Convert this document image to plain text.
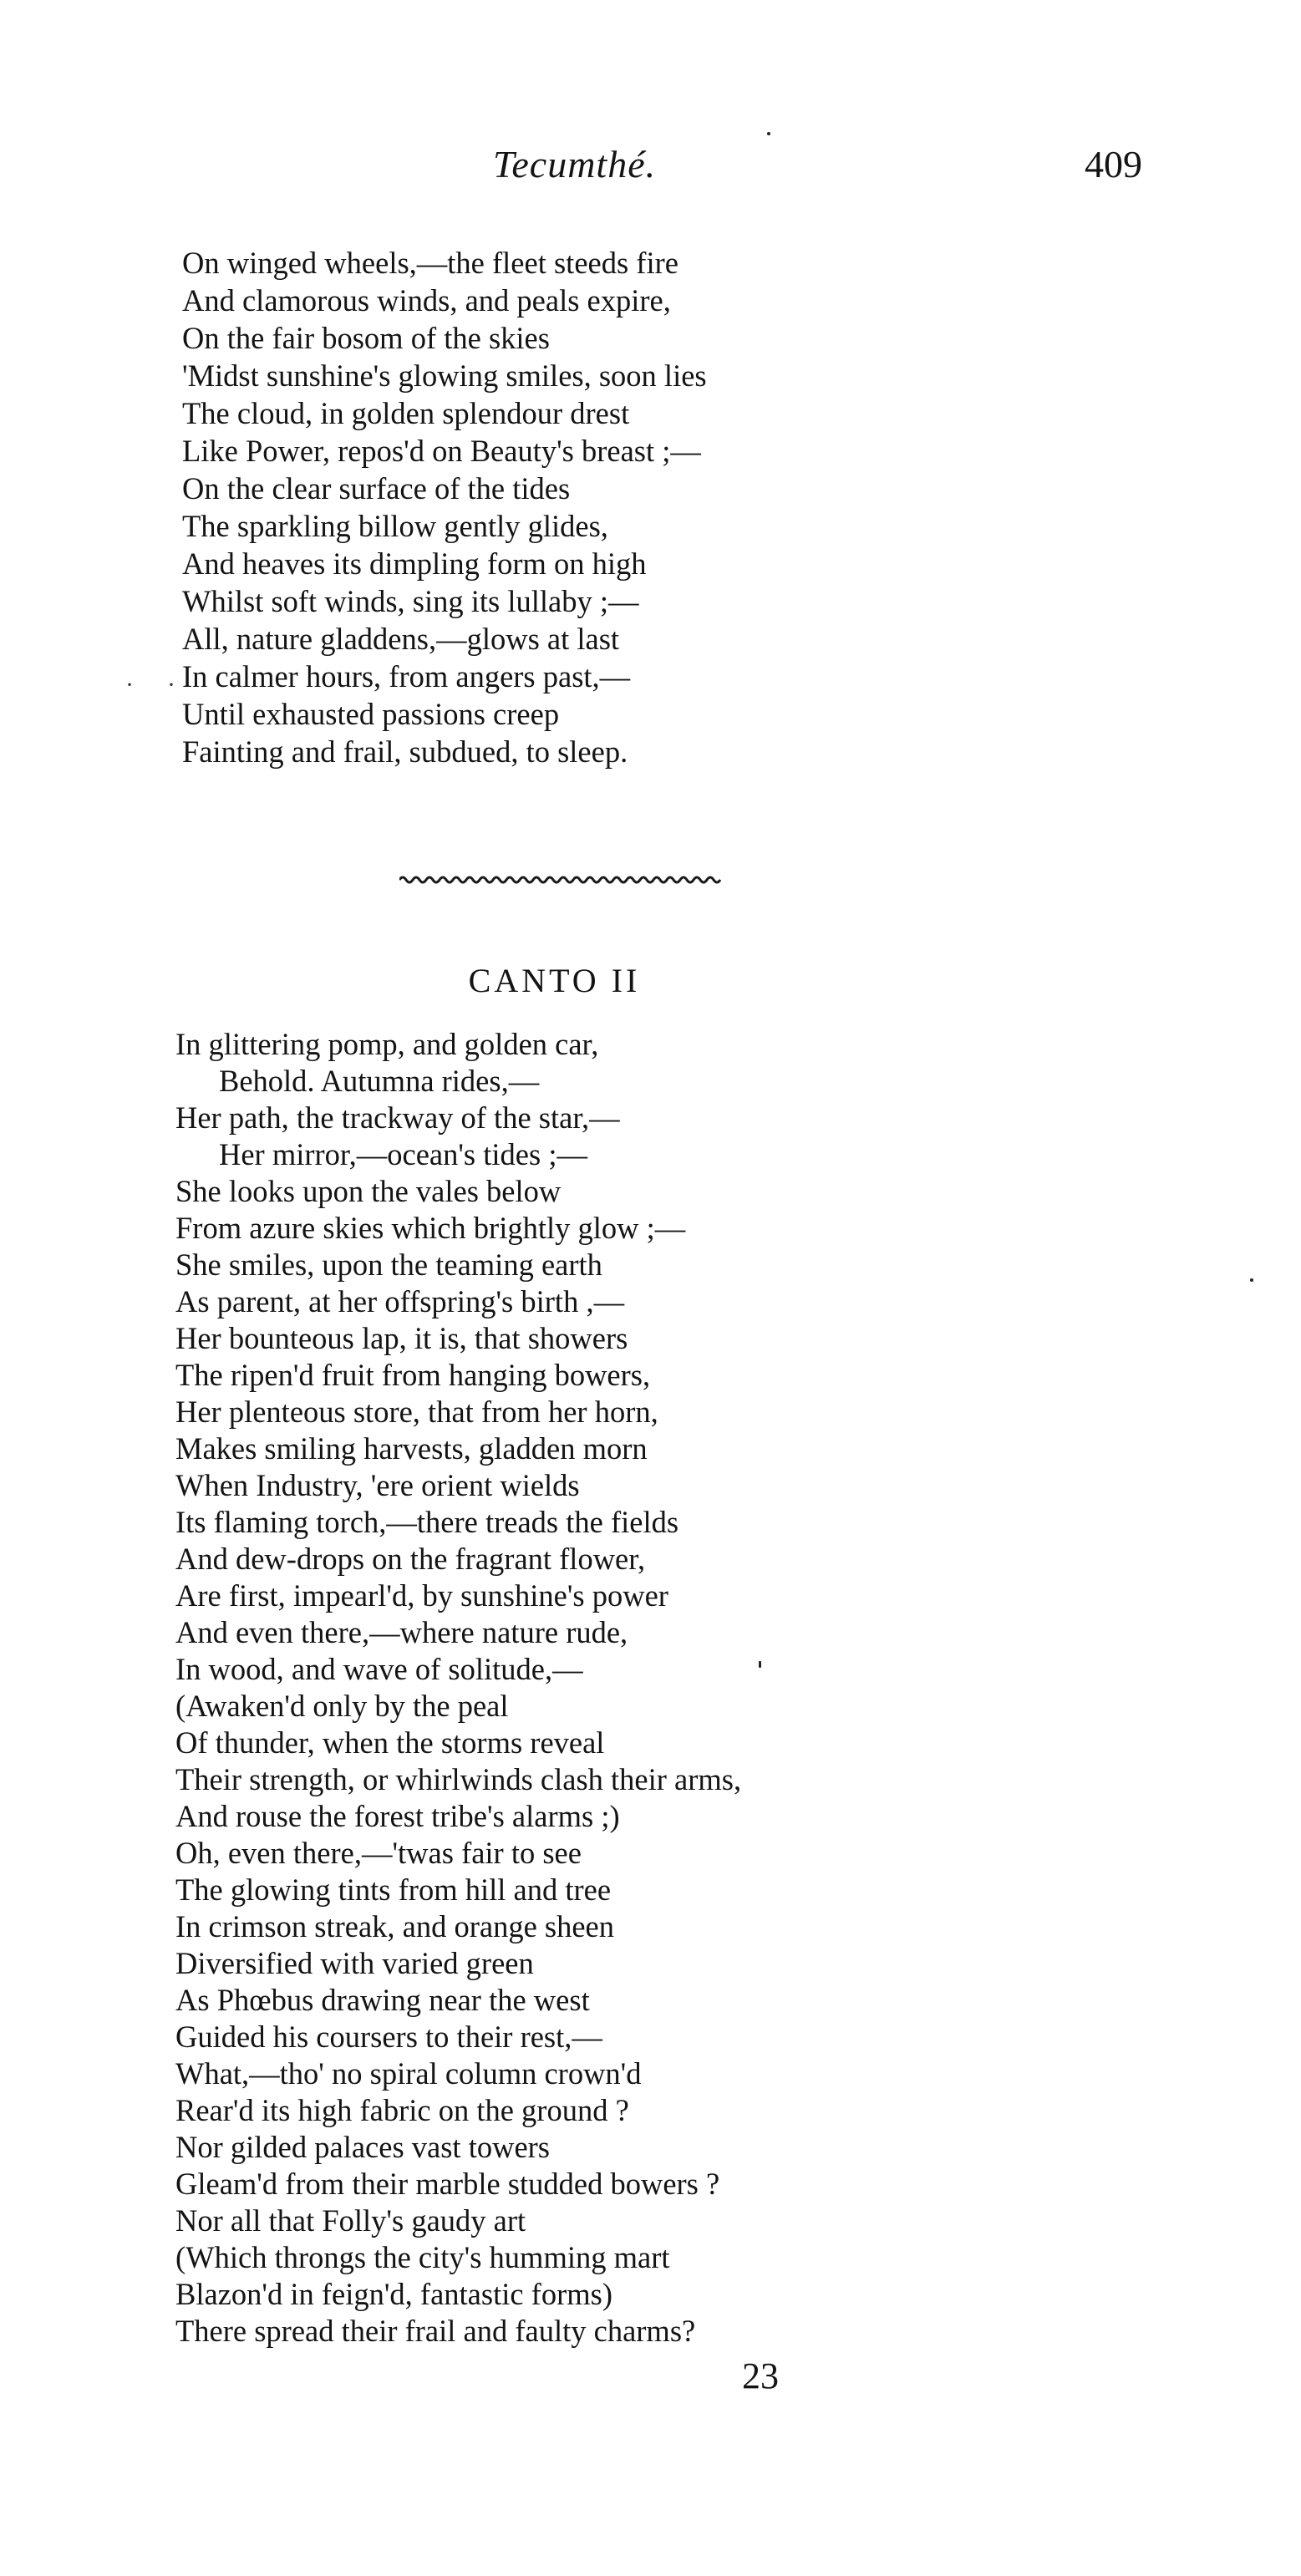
Tecumthé.	409
· ·
On winged wheels,—the fleet steeds fire
And clamorous winds, and peals expire,
On the fair bosom of the skies
'Midst sunshine's glowing smiles, soon lies
The cloud, in golden splendour drest
Like Power, repos'd on Beauty's breast ;—
On the clear surface of the tides
The sparkling billow gently glides,
And heaves its dimpling form on high
Whilst soft winds, sing its lullaby ;—
All, nature gladdens,—glows at last
In calmer hours, from angers past,—
Until exhausted passions creep
Fainting and frail, subdued, to sleep.
CANTO II
In glittering pomp, and golden car,
Behold. Autumna rides,—
Her path, the trackway of the star,—
Her mirror,—ocean's tides ;—
She looks upon the vales below
From azure skies which brightly glow ;—
She smiles, upon the teaming earth
As parent, at her offspring's birth ,—
Her bounteous lap, it is, that showers
The ripen'd fruit from hanging bowers,
Her plenteous store, that from her horn,
Makes smiling harvests, gladden morn
When Industry, 'ere orient wields
Its flaming torch,—there treads the fields
And dew-drops on the fragrant flower,
Are first, impearl'd, by sunshine's power
And even there,—where nature rude,
In wood, and wave of solitude,—
(Awaken'd only by the peal
Of thunder, when the storms reveal
Their strength, or whirlwinds clash their arms,
And rouse the forest tribe's alarms ;)
Oh, even there,—'twas fair to see
The glowing tints from hill and tree
In crimson streak, and orange sheen
Diversified with varied green
As Phœbus drawing near the west
Guided his coursers to their rest,—
What,—tho' no spiral column crown'd
Rear'd its high fabric on the ground ?
Nor gilded palaces vast towers
Gleam'd from their marble studded bowers ?
Nor all that Folly's gaudy art
(Which throngs the city's humming mart
Blazon'd in feign'd, fantastic forms)
There spread their frail and faulty charms?
23
